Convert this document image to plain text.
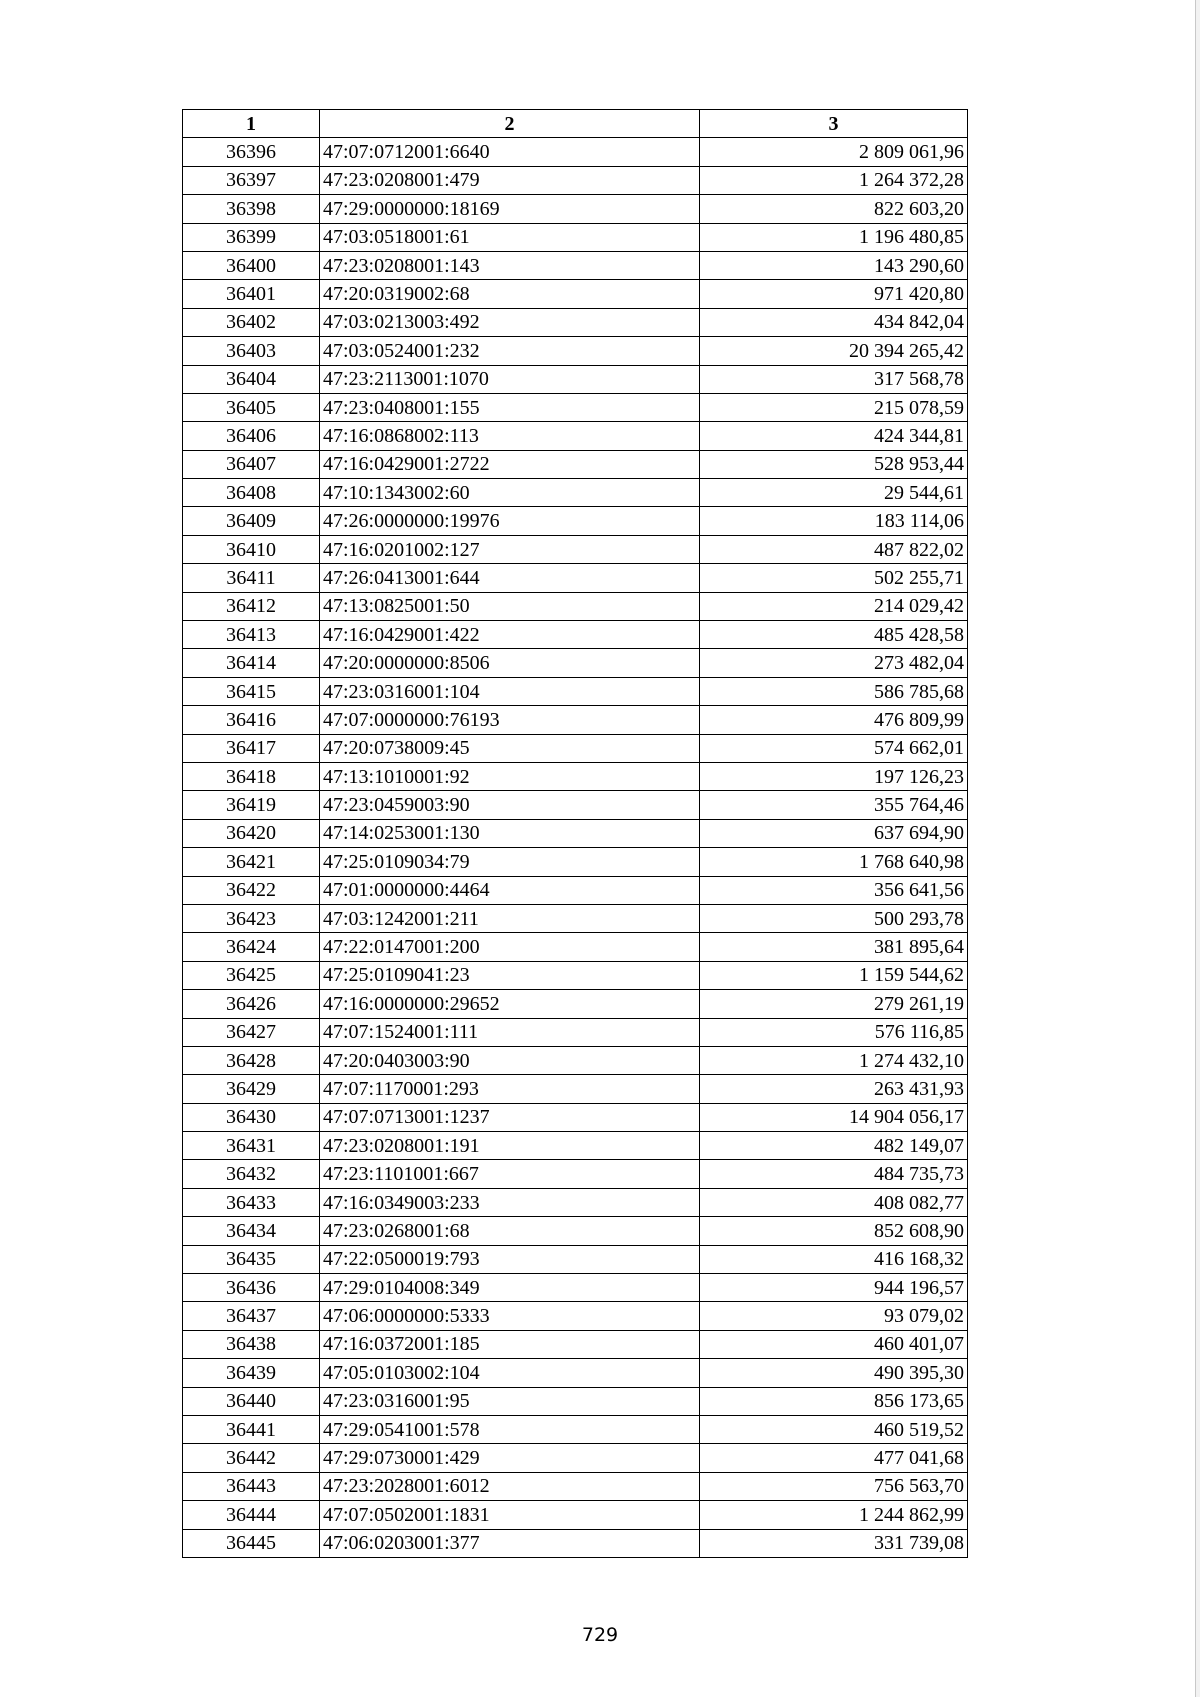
1	2	3
36396	47:07:0712001:6640	2 809 061,96
36397	47:23:0208001:479	1 264 372,28
36398	47:29:0000000:18169	822 603,20
36399	47:03:0518001:61	1 196 480,85
36400	47:23:0208001:143	143 290,60
36401	47:20:0319002:68	971 420,80
36402	47:03:0213003:492	434 842,04
36403	47:03:0524001:232	20 394 265,42
36404	47:23:2113001:1070	317 568,78
36405	47:23:0408001:155	215 078,59
36406	47:16:0868002:113	424 344,81
36407	47:16:0429001:2722	528 953,44
36408	47:10:1343002:60	29 544,61
36409	47:26:0000000:19976	183 114,06
36410	47:16:0201002:127	487 822,02
36411	47:26:0413001:644	502 255,71
36412	47:13:0825001:50	214 029,42
36413	47:16:0429001:422	485 428,58
36414	47:20:0000000:8506	273 482,04
36415	47:23:0316001:104	586 785,68
36416	47:07:0000000:76193	476 809,99
36417	47:20:0738009:45	574 662,01
36418	47:13:1010001:92	197 126,23
36419	47:23:0459003:90	355 764,46
36420	47:14:0253001:130	637 694,90
36421	47:25:0109034:79	1 768 640,98
36422	47:01:0000000:4464	356 641,56
36423	47:03:1242001:211	500 293,78
36424	47:22:0147001:200	381 895,64
36425	47:25:0109041:23	1 159 544,62
36426	47:16:0000000:29652	279 261,19
36427	47:07:1524001:111	576 116,85
36428	47:20:0403003:90	1 274 432,10
36429	47:07:1170001:293	263 431,93
36430	47:07:0713001:1237	14 904 056,17
36431	47:23:0208001:191	482 149,07
36432	47:23:1101001:667	484 735,73
36433	47:16:0349003:233	408 082,77
36434	47:23:0268001:68	852 608,90
36435	47:22:0500019:793	416 168,32
36436	47:29:0104008:349	944 196,57
36437	47:06:0000000:5333	93 079,02
36438	47:16:0372001:185	460 401,07
36439	47:05:0103002:104	490 395,30
36440	47:23:0316001:95	856 173,65
36441	47:29:0541001:578	460 519,52
36442	47:29:0730001:429	477 041,68
36443	47:23:2028001:6012	756 563,70
36444	47:07:0502001:1831	1 244 862,99
36445	47:06:0203001:377	331 739,08
729
